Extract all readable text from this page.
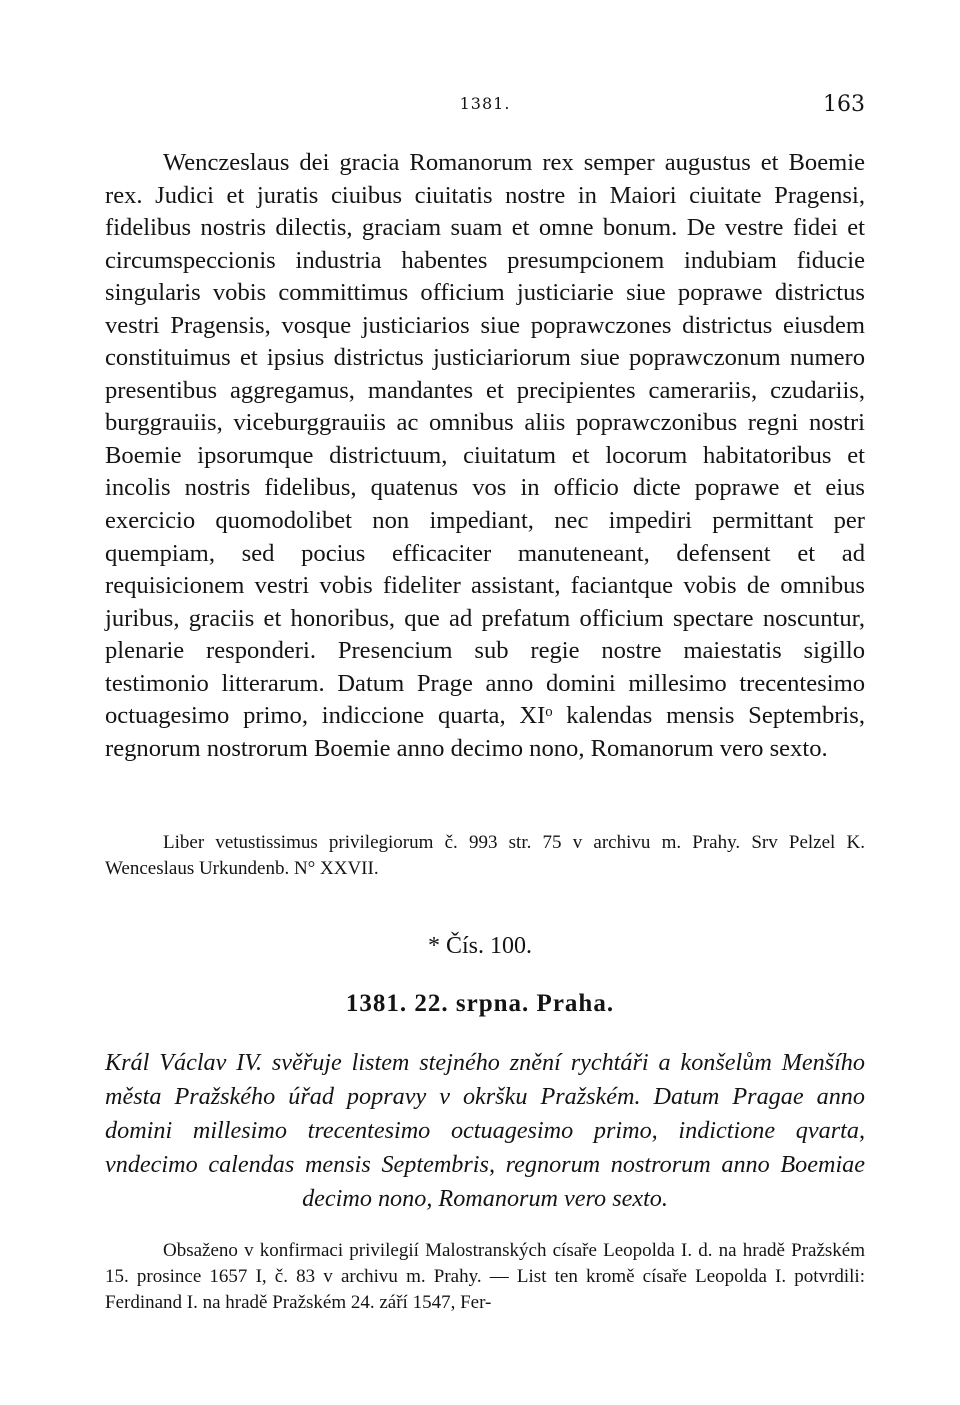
1381.	163

Wenczeslaus dei gracia Romanorum rex semper augustus et Boemie rex. Judici et juratis ciuibus ciuitatis nostre in Maiori ciuitate Pragensi, fidelibus nostris dilectis, graciam suam et omne bonum. De vestre fidei et circumspeccionis industria habentes presumpcionem indubiam fiducie singularis vobis committimus officium justiciarie siue poprawe districtus vestri Pragensis, vosque justiciarios siue poprawczones districtus eiusdem constituimus et ipsius districtus justiciariorum siue poprawczonum numero presentibus aggregamus, mandantes et precipientes camerariis, czudariis, burggrauiis, viceburggrauiis ac omnibus aliis poprawczonibus regni nostri Boemie ipsorumque districtuum, ciuitatum et locorum habitatoribus et incolis nostris fidelibus, quatenus vos in officio dicte poprawe et eius exercicio quomodolibet non impediant, nec impediri permittant per quempiam, sed pocius efficaciter manuteneant, defensent et ad requisicionem vestri vobis fideliter assistant, faciantque vobis de omnibus juribus, graciis et honoribus, que ad prefatum officium spectare noscuntur, plenarie responderi. Presencium sub regie nostre maiestatis sigillo testimonio litterarum. Datum Prage anno domini millesimo trecentesimo octuagesimo primo, indiccione quarta, XIᵒ kalendas mensis Septembris, regnorum nostrorum Boemie anno decimo nono, Romanorum vero sexto.

Liber vetustissimus privilegiorum č. 993 str. 75 v archivu m. Prahy. Srv Pelzel K. Wenceslaus Urkundenb. N° XXVII.

* Čís. 100.
1381. 22. srpna. Praha.

Král Václav IV. svěřuje listem stejného znění rychtáři a konšelům Menšího města Pražského úřad popravy v okršku Pražském. Datum Pragae anno domini millesimo trecentesimo octuagesimo primo, indictione qvarta, vndecimo calendas mensis Septembris, regnorum nostrorum anno Boemiae decimo nono, Romanorum vero sexto.

Obsaženo v konfirmaci privilegií Malostranských císaře Leopolda I. d. na hradě Pražském 15. prosince 1657 I, č. 83 v archivu m. Prahy. — List ten kromě císaře Leopolda I. potvrdili: Ferdinand I. na hradě Pražském 24. září 1547, Fer-
